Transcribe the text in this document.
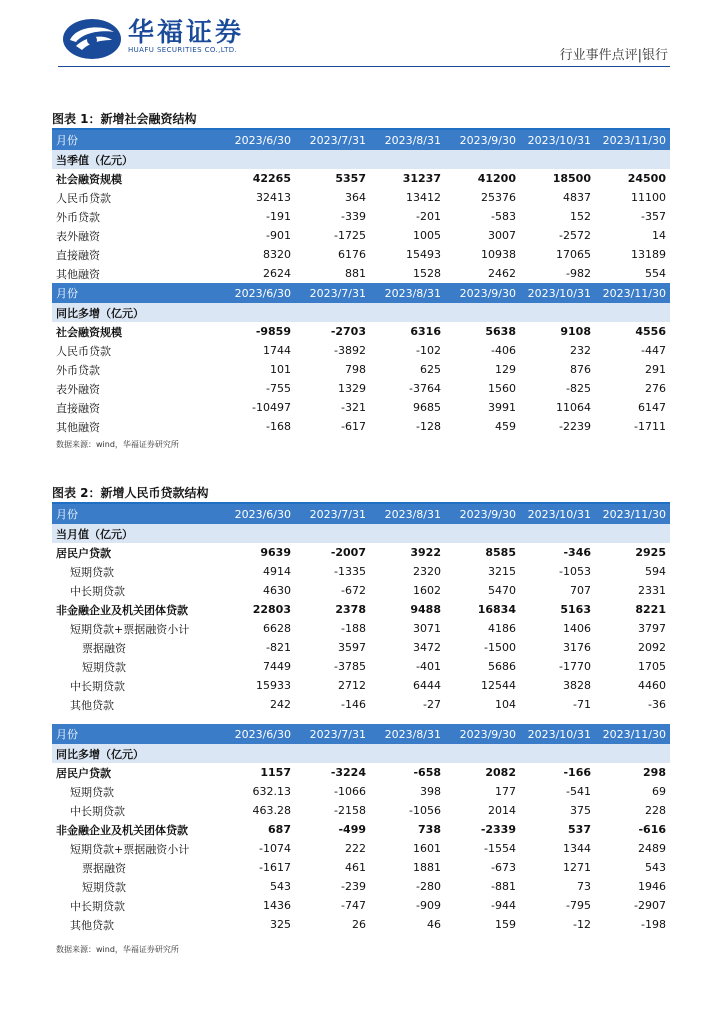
华福证券
HUAFU SECURITIES CO.,LTD.	行业事件点评|银行
图表 1：新增社会融资结构
月份	2023/6/30	2023/7/31	2023/8/31	2023/9/30	2023/10/31	2023/11/30
当季值（亿元）						
社会融资规模	42265	5357	31237	41200	18500	24500
人民币贷款	32413	364	13412	25376	4837	11100
外币贷款	-191	-339	-201	-583	152	-357
表外融资	-901	-1725	1005	3007	-2572	14
直接融资	8320	6176	15493	10938	17065	13189
其他融资	2624	881	1528	2462	-982	554
月份	2023/6/30	2023/7/31	2023/8/31	2023/9/30	2023/10/31	2023/11/30
同比多增（亿元）						
社会融资规模	-9859	-2703	6316	5638	9108	4556
人民币贷款	1744	-3892	-102	-406	232	-447
外币贷款	101	798	625	129	876	291
表外融资	-755	1329	-3764	1560	-825	276
直接融资	-10497	-321	9685	3991	11064	6147
其他融资	-168	-617	-128	459	-2239	-1711
数据来源：wind，华福证券研究所
图表 2：新增人民币贷款结构
月份	2023/6/30	2023/7/31	2023/8/31	2023/9/30	2023/10/31	2023/11/30
当月值（亿元）						
居民户贷款	9639	-2007	3922	8585	-346	2925
短期贷款	4914	-1335	2320	3215	-1053	594
中长期贷款	4630	-672	1602	5470	707	2331
非金融企业及机关团体贷款	22803	2378	9488	16834	5163	8221
短期贷款+票据融资小计	6628	-188	3071	4186	1406	3797
票据融资	-821	3597	3472	-1500	3176	2092
短期贷款	7449	-3785	-401	5686	-1770	1705
中长期贷款	15933	2712	6444	12544	3828	4460
其他贷款	242	-146	-27	104	-71	-36

月份	2023/6/30	2023/7/31	2023/8/31	2023/9/30	2023/10/31	2023/11/30
同比多增（亿元）						
居民户贷款	1157	-3224	-658	2082	-166	298
短期贷款	632.13	-1066	398	177	-541	69
中长期贷款	463.28	-2158	-1056	2014	375	228
非金融企业及机关团体贷款	687	-499	738	-2339	537	-616
短期贷款+票据融资小计	-1074	222	1601	-1554	1344	2489
票据融资	-1617	461	1881	-673	1271	543
短期贷款	543	-239	-280	-881	73	1946
中长期贷款	1436	-747	-909	-944	-795	-2907
其他贷款	325	26	46	159	-12	-198
数据来源：wind，华福证券研究所
